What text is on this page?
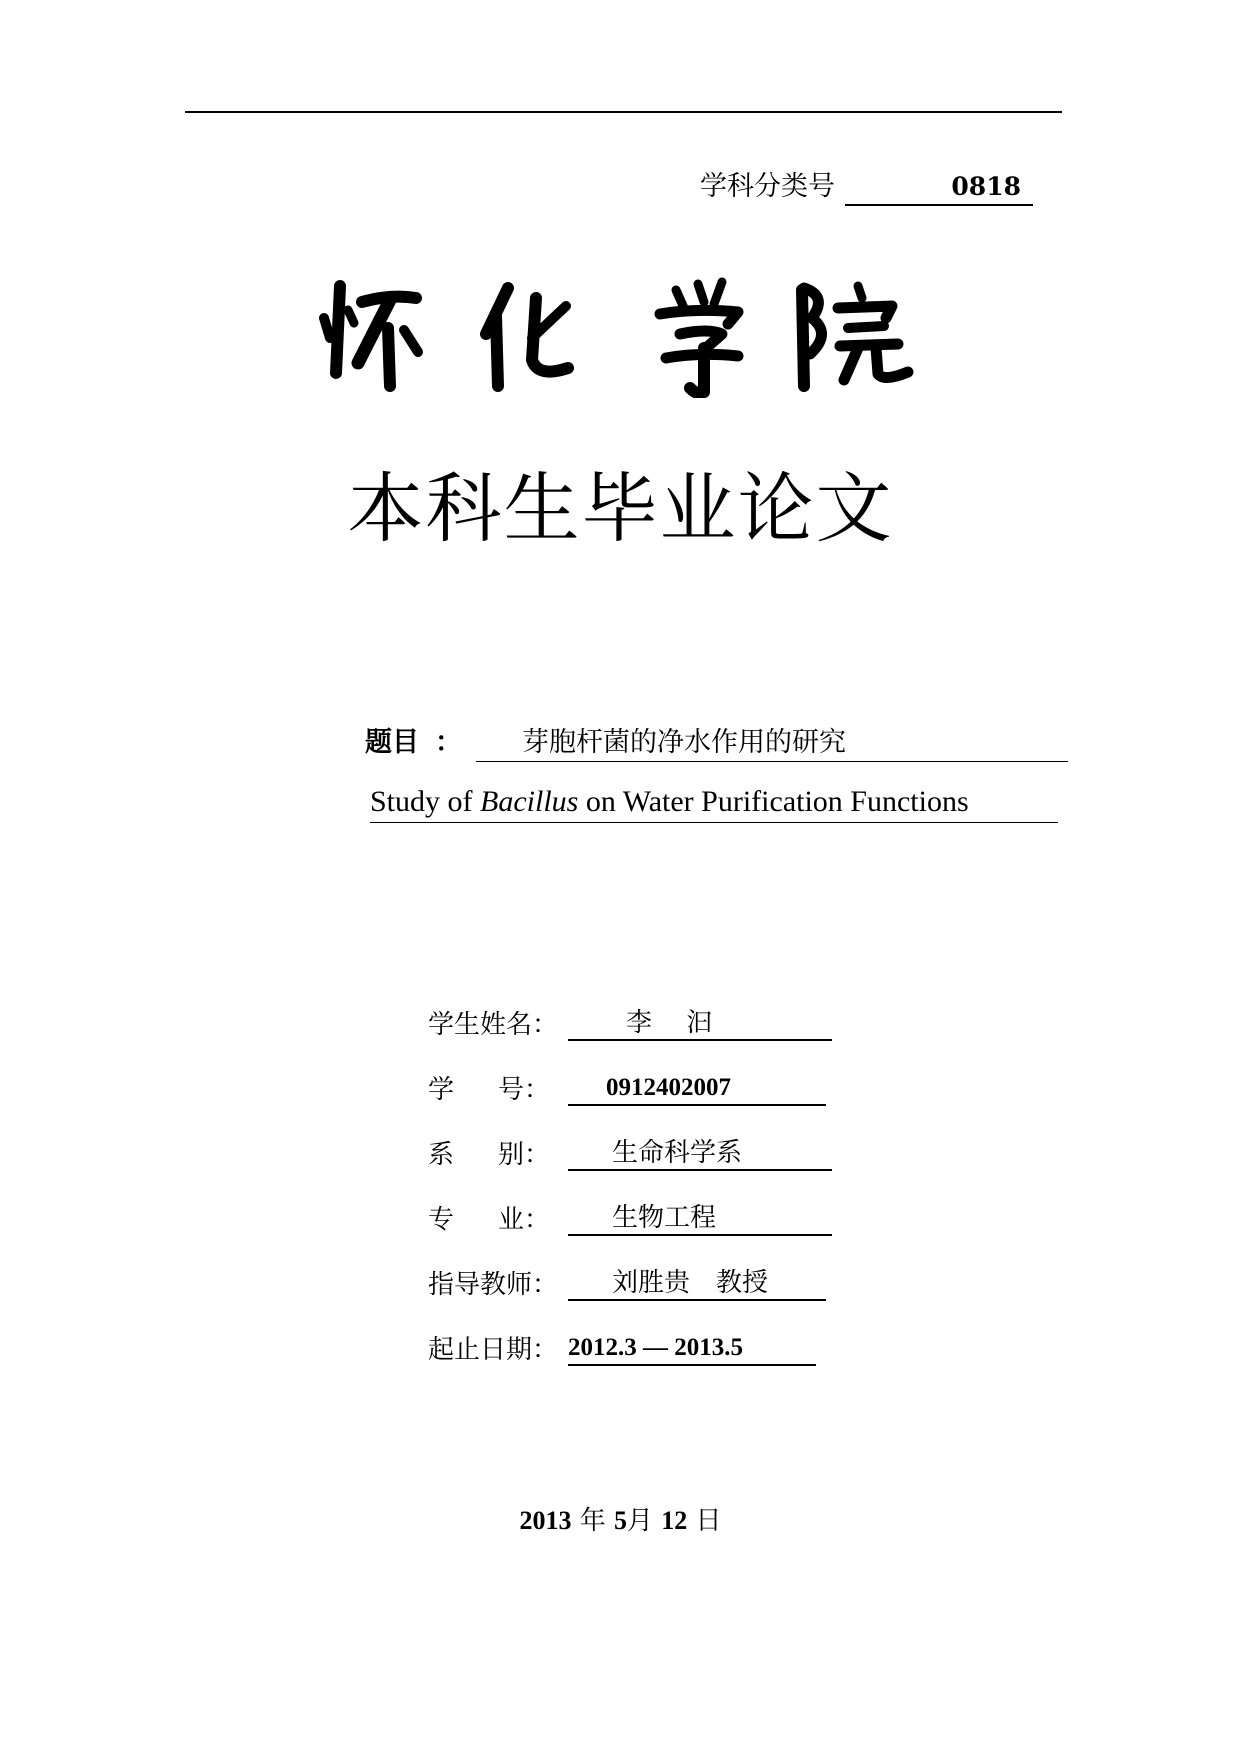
学科分类号	0818
本科生毕业论文
题目 ： 芽胞杆菌的净水作用的研究
Study of Bacillus on Water Purification Functions
学生姓名：	李　 汩
学 号：	0912402007
系 别：	生命科学系
专 业：	生物工程
指导教师：	刘胜贵　教授
起止日期： 2012.3 — 2013.5
2013 年 5月 12 日
